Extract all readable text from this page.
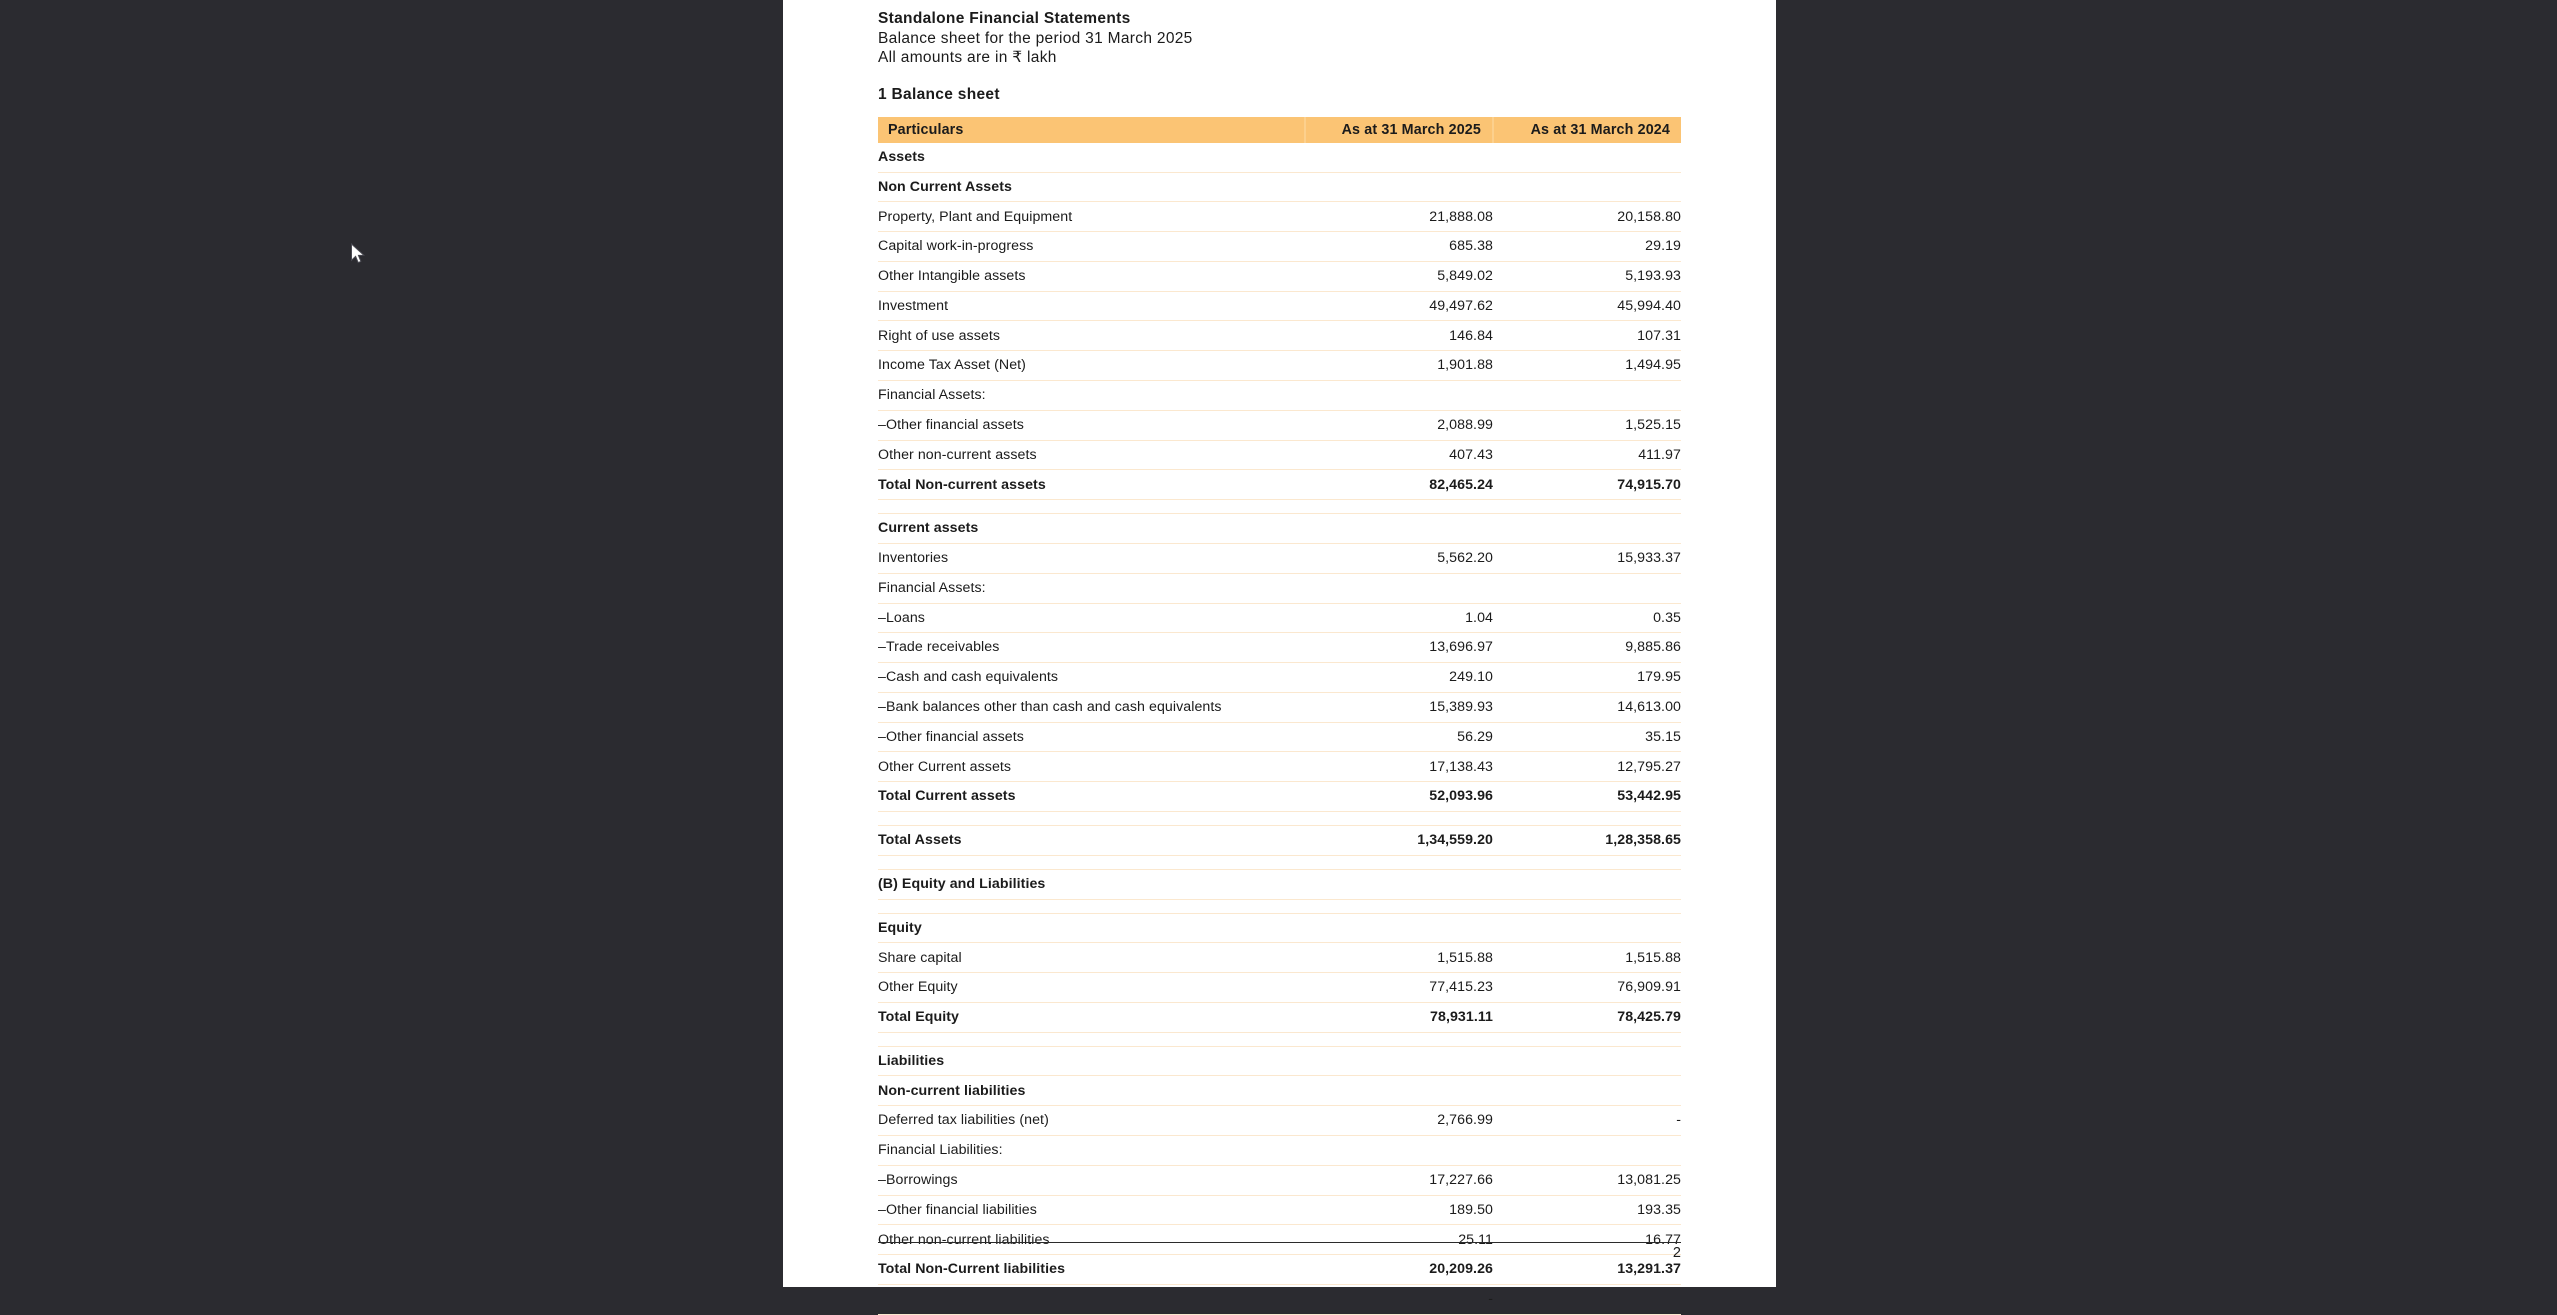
Standalone Financial Statements
Balance sheet for the period 31 March 2025
All amounts are in ₹ lakh
1 Balance sheet
Particulars	As at 31 March 2025	As at 31 March 2024
Assets		
Non Current Assets		
Property, Plant and Equipment	21,888.08	20,158.80
Capital work-in-progress	685.38	29.19
Other Intangible assets	5,849.02	5,193.93
Investment	49,497.62	45,994.40
Right of use assets	146.84	107.31
Income Tax Asset (Net)	1,901.88	1,494.95
Financial Assets:		
–Other financial assets	2,088.99	1,525.15
Other non-current assets	407.43	411.97
Total Non-current assets	82,465.24	74,915.70

Current assets		
Inventories	5,562.20	15,933.37
Financial Assets:		
–Loans	1.04	0.35
–Trade receivables	13,696.97	9,885.86
–Cash and cash equivalents	249.10	179.95
–Bank balances other than cash and cash equivalents	15,389.93	14,613.00
–Other financial assets	56.29	35.15
Other Current assets	17,138.43	12,795.27
Total Current assets	52,093.96	53,442.95

Total Assets	1,34,559.20	1,28,358.65

(B) Equity and Liabilities		

Equity		
Share capital	1,515.88	1,515.88
Other Equity	77,415.23	76,909.91
Total Equity	78,931.11	78,425.79

Liabilities		
Non-current liabilities		
Deferred tax liabilities (net)	2,766.99	-
Financial Liabilities:		
–Borrowings	17,227.66	13,081.25
–Other financial liabilities	189.50	193.35
Other non-current liabilities	25.11	16.77
Total Non-Current liabilities	20,209.26	13,291.37
	-	
2
